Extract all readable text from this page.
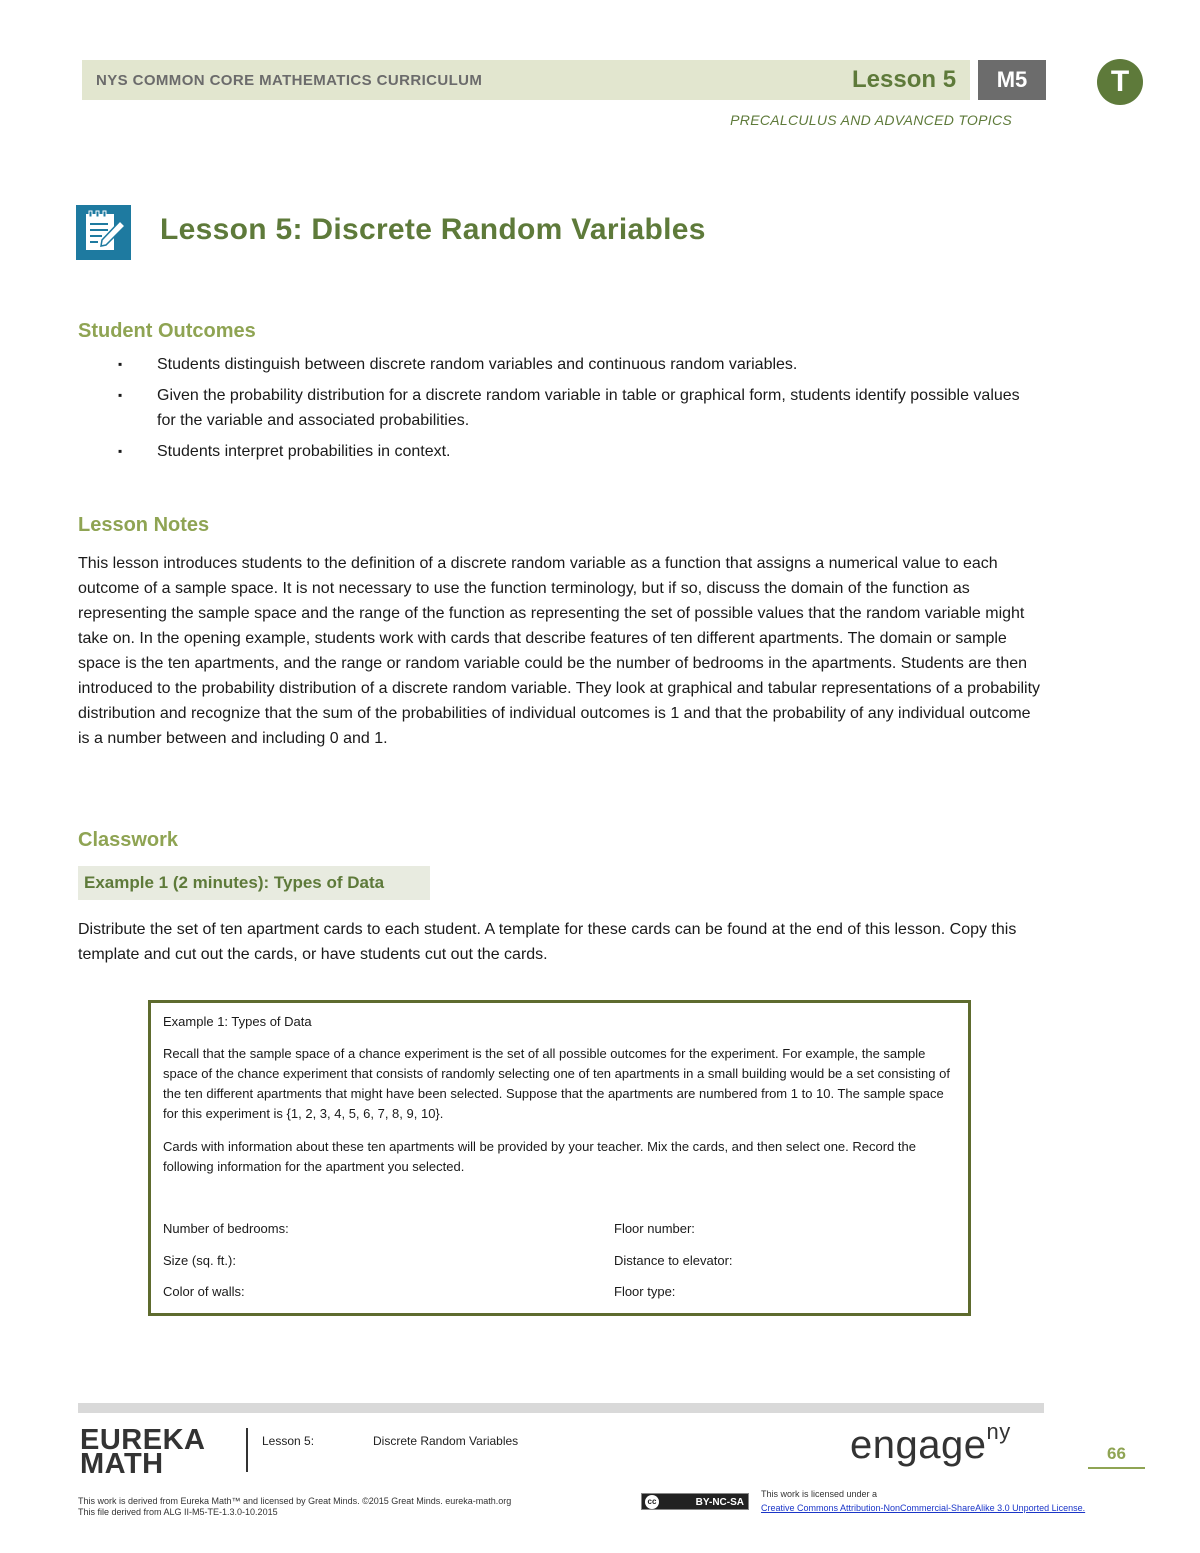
NYS COMMON CORE MATHEMATICS CURRICULUM	Lesson 5	M5	T
PRECALCULUS AND ADVANCED TOPICS
Lesson 5: Discrete Random Variables
Student Outcomes
▪ Students distinguish between discrete random variables and continuous random variables.
▪ Given the probability distribution for a discrete random variable in table or graphical form, students identify possible values for the variable and associated probabilities.
▪ Students interpret probabilities in context.
Lesson Notes
This lesson introduces students to the definition of a discrete random variable as a function that assigns a numerical value to each outcome of a sample space. It is not necessary to use the function terminology, but if so, discuss the domain of the function as representing the sample space and the range of the function as representing the set of possible values that the random variable might take on. In the opening example, students work with cards that describe features of ten different apartments. The domain or sample space is the ten apartments, and the range or random variable could be the number of bedrooms in the apartments. Students are then introduced to the probability distribution of a discrete random variable. They look at graphical and tabular representations of a probability distribution and recognize that the sum of the probabilities of individual outcomes is 1 and that the probability of any individual outcome is a number between and including 0 and 1.
Classwork
Example 1 (2 minutes): Types of Data
Distribute the set of ten apartment cards to each student. A template for these cards can be found at the end of this lesson. Copy this template and cut out the cards, or have students cut out the cards.
Example 1: Types of Data
Recall that the sample space of a chance experiment is the set of all possible outcomes for the experiment. For example, the sample space of the chance experiment that consists of randomly selecting one of ten apartments in a small building would be a set consisting of the ten different apartments that might have been selected. Suppose that the apartments are numbered from 1 to 10. The sample space for this experiment is {1, 2, 3, 4, 5, 6, 7, 8, 9, 10}.
Cards with information about these ten apartments will be provided by your teacher. Mix the cards, and then select one. Record the following information for the apartment you selected.
Number of bedrooms:	Floor number:
Size (sq. ft.):	Distance to elevator:
Color of walls:	Floor type:
EUREKA
MATH
Lesson 5:	Discrete Random Variables	engage$^{ny}$
66
This work is derived from Eureka Math™ and licensed by Great Minds. ©2015 Great Minds. eureka-math.org
This file derived from ALG II-M5-TE-1.3.0-10.2015
cc	BY-NC-SA
This work is licensed under a
Creative Commons Attribution-NonCommercial-ShareAlike 3.0 Unported License.
